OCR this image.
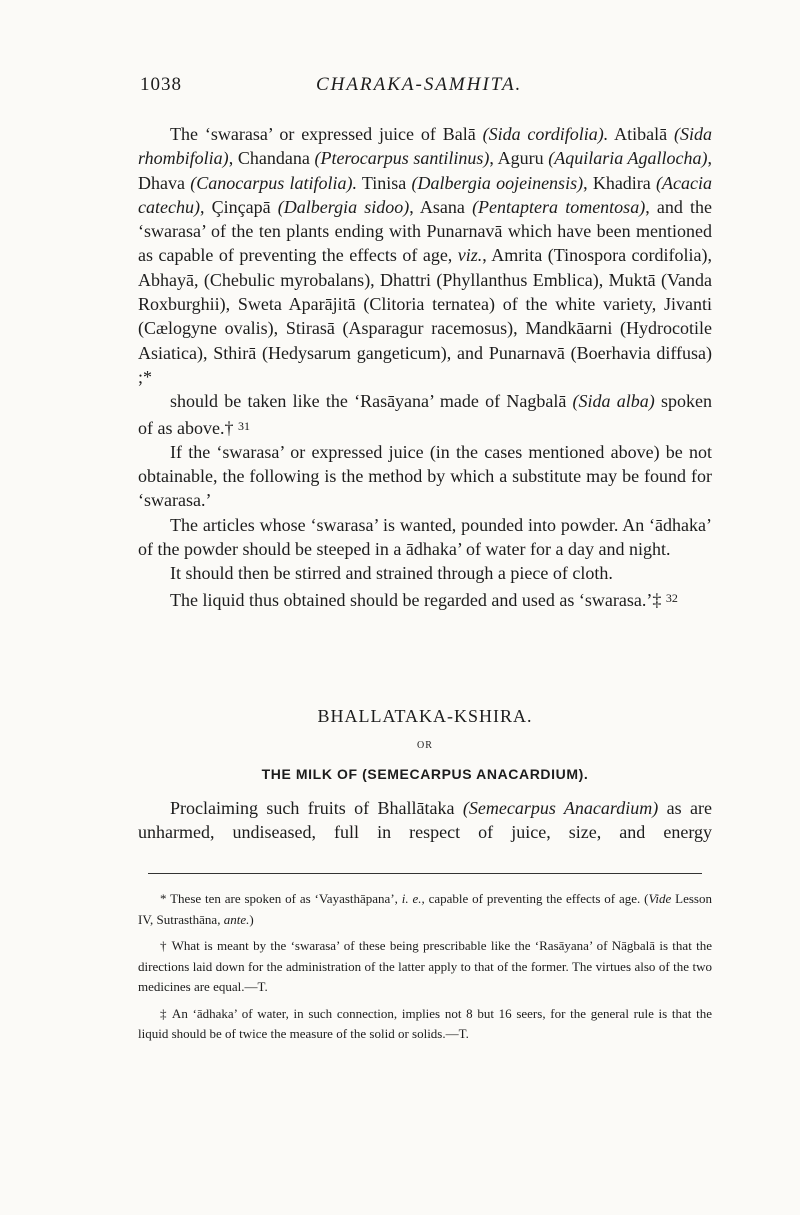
1038	CHARAKA-SAMHITA.

The ‘swarasa’ or expressed juice of Balā (Sida cordifolia). Atibalā (Sida rhombifolia), Chandana (Pterocarpus santilinus), Aguru (Aquilaria Agallocha), Dhava (Canocarpus latifolia). Tinisa (Dalbergia oojeinensis), Khadira (Acacia catechu), Çinçapā (Dalbergia sidoo), Asana (Pentaptera tomentosa), and the ‘swarasa’ of the ten plants ending with Punarnavā which have been mentioned as capable of preventing the effects of age, viz., Amrita (Tinospora cordifolia), Abhayā, (Chebulic myrobalans), Dhattri (Phyllanthus Emblica), Muktā (Vanda Roxburghii), Sweta Aparājitā (Clitoria ternatea) of the white variety, Jivanti (Cælogyne ovalis), Stirasā (Asparagur racemosus), Mandkāarni (Hydrocotile Asiatica), Sthirā (Hedysarum gangeticum), and Punarnavā (Boerhavia diffusa) ;*

should be taken like the ‘Rasāyana’ made of Nagbalā (Sida alba) spoken of as above.† $^{31}$

If the ‘swarasa’ or expressed juice (in the cases mentioned above) be not obtainable, the following is the method by which a substitute may be found for ‘swarasa.’

The articles whose ‘swarasa’ is wanted, pounded into powder. An ‘ādhaka’ of the powder should be steeped in a ādhaka’ of water for a day and night.

It should then be stirred and strained through a piece of cloth.

The liquid thus obtained should be regarded and used as ‘swarasa.’‡ $^{32}$

BHALLATAKA-KSHIRA.
OR
THE MILK OF (SEMECARPUS ANACARDIUM).

Proclaiming such fruits of Bhallātaka (Semecarpus Anacardium) as are unharmed, undiseased, full in respect of juice, size, and energy

* These ten are spoken of as ‘Vayasthāpana’, i. e., capable of preventing the effects of age. (Vide Lesson IV, Sutrasthāna, ante.)

† What is meant by the ‘swarasa’ of these being prescribable like the ‘Rasāyana’ of Nāgbalā is that the directions laid down for the administration of the latter apply to that of the former. The virtues also of the two medicines are equal.—T.

‡ An ‘ādhaka’ of water, in such connection, implies not 8 but 16 seers, for the general rule is that the liquid should be of twice the measure of the solid or solids.—T.
